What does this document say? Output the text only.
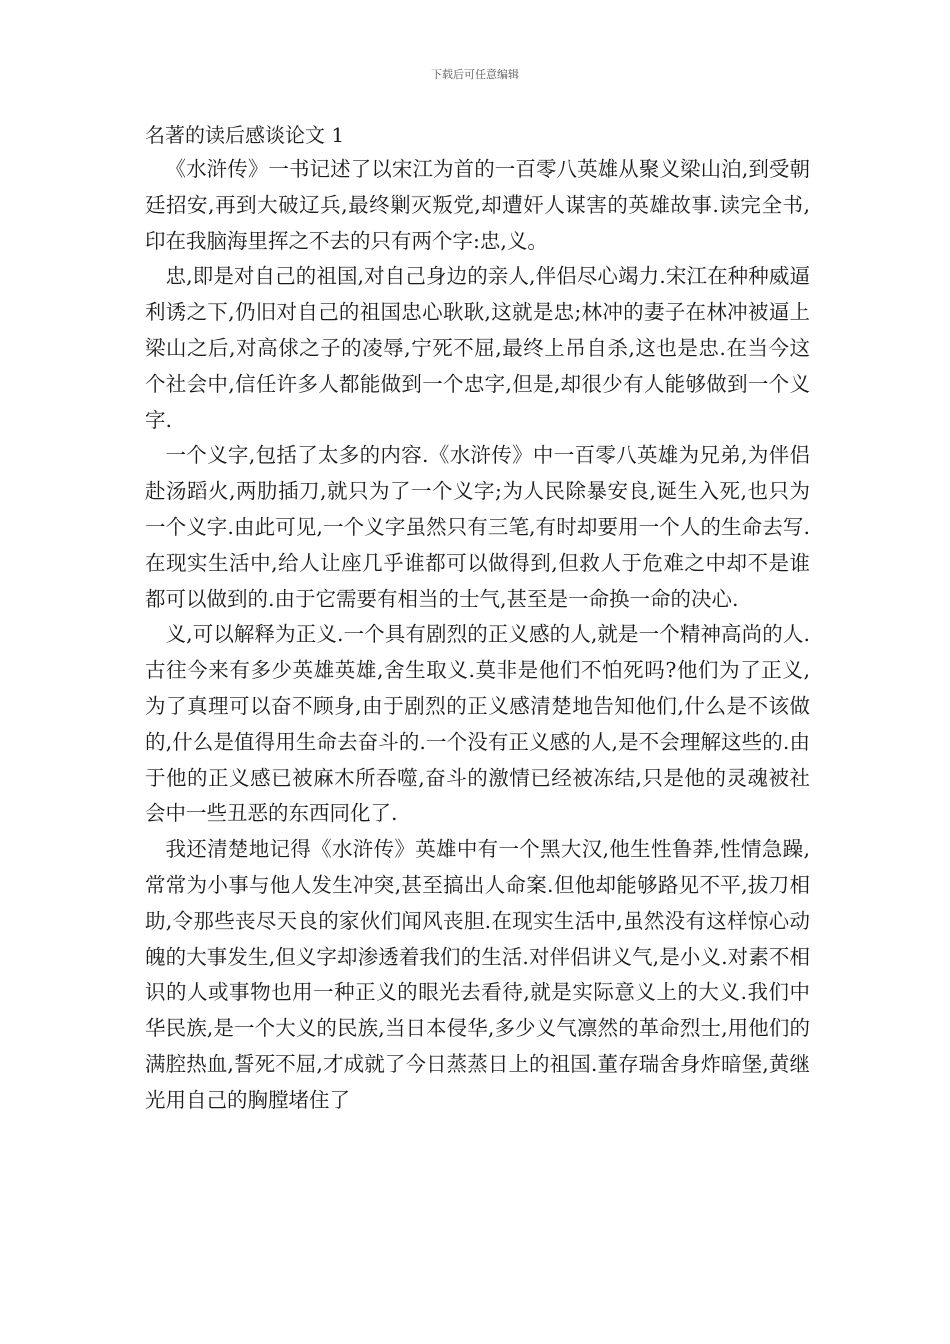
下载后可任意编辑
名著的读后感谈论文 1

《水浒传》一书记述了以宋江为首的一百零八英雄从聚义梁山泊,到受朝廷招安,再到大破辽兵,最终剿灭叛党,却遭奸人谋害的英雄故事.读完全书,印在我脑海里挥之不去的只有两个字:忠,义。

忠,即是对自己的祖国,对自己身边的亲人,伴侣尽心竭力.宋江在种种威逼利诱之下,仍旧对自己的祖国忠心耿耿,这就是忠;林冲的妻子在林冲被逼上梁山之后,对高俅之子的凌辱,宁死不屈,最终上吊自杀,这也是忠.在当今这个社会中,信任许多人都能做到一个忠字,但是,却很少有人能够做到一个义字.

一个义字,包括了太多的内容.《水浒传》中一百零八英雄为兄弟,为伴侣赴汤蹈火,两肋插刀,就只为了一个义字;为人民除暴安良,诞生入死,也只为一个义字.由此可见,一个义字虽然只有三笔,有时却要用一个人的生命去写.在现实生活中,给人让座几乎谁都可以做得到,但救人于危难之中却不是谁都可以做到的.由于它需要有相当的士气,甚至是一命换一命的决心.

义,可以解释为正义.一个具有剧烈的正义感的人,就是一个精神高尚的人.古往今来有多少英雄英雄,舍生取义.莫非是他们不怕死吗?他们为了正义,为了真理可以奋不顾身,由于剧烈的正义感清楚地告知他们,什么是不该做的,什么是值得用生命去奋斗的.一个没有正义感的人,是不会理解这些的.由于他的正义感已被麻木所吞噬,奋斗的激情已经被冻结,只是他的灵魂被社会中一些丑恶的东西同化了.

我还清楚地记得《水浒传》英雄中有一个黑大汉,他生性鲁莽,性情急躁,常常为小事与他人发生冲突,甚至搞出人命案.但他却能够路见不平,拔刀相助,令那些丧尽天良的家伙们闻风丧胆.在现实生活中,虽然没有这样惊心动魄的大事发生,但义字却渗透着我们的生活.对伴侣讲义气,是小义.对素不相识的人或事物也用一种正义的眼光去看待,就是实际意义上的大义.我们中华民族,是一个大义的民族,当日本侵华,多少义气凛然的革命烈士,用他们的满腔热血,誓死不屈,才成就了今日蒸蒸日上的祖国.董存瑞舍身炸暗堡,黄继光用自己的胸膛堵住了
